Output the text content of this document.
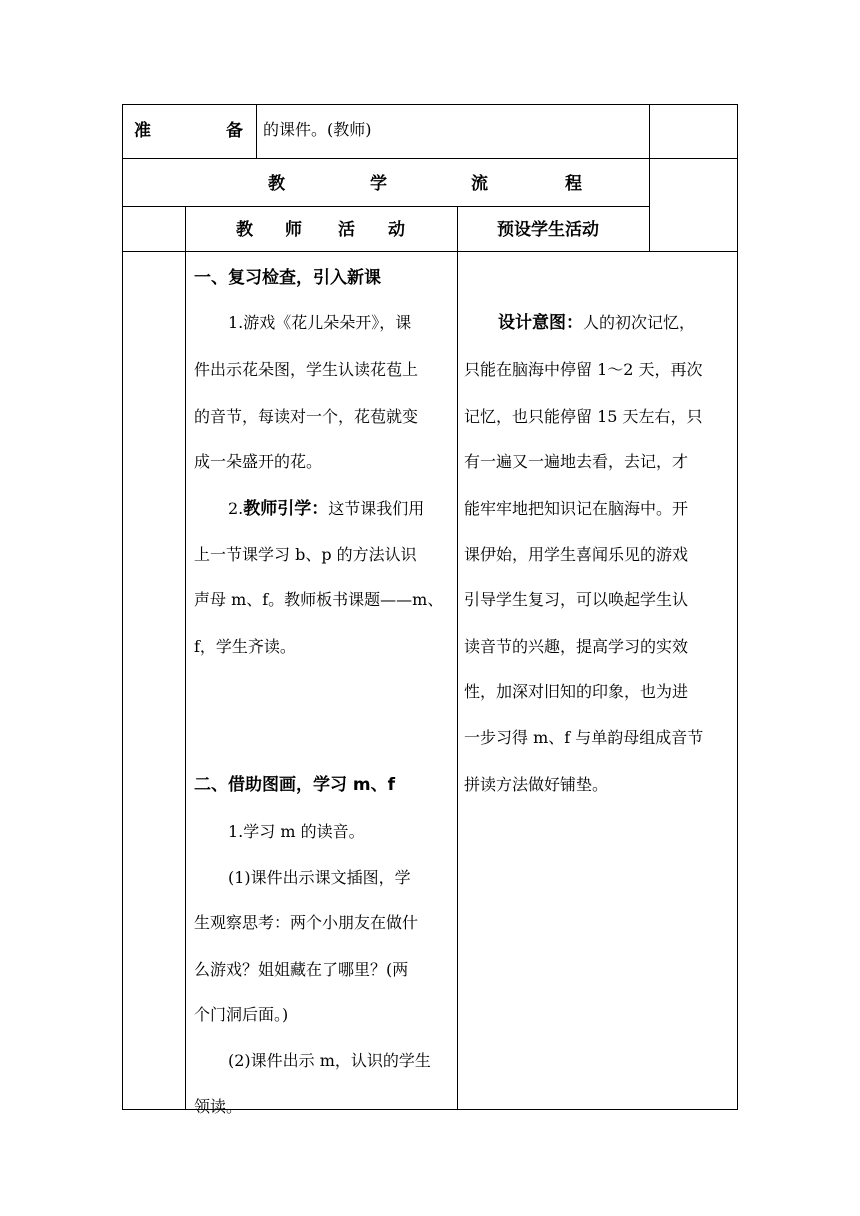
准	备 的课件。(教师)
教	学	流	程
教 师 活 动	预设学生活动
一、复习检查，引入新课
1.游戏《花儿朵朵开》，课
件出示花朵图，学生认读花苞上
的音节，每读对一个，花苞就变
成一朵盛开的花。
2.教师引学：这节课我们用
上一节课学习 b、p 的方法认识
声母 m、f。教师板书课题——m、
f，学生齐读。
二、借助图画，学习 m、f
1.学习 m 的读音。
(1)课件出示课文插图，学
生观察思考：两个小朋友在做什
么游戏？姐姐藏在了哪里？(两
个门洞后面。)
(2)课件出示 m，认识的学生
领读。
设计意图：人的初次记忆，
只能在脑海中停留 1～2 天，再次
记忆，也只能停留 15 天左右，只
有一遍又一遍地去看，去记，才
能牢牢地把知识记在脑海中。开
课伊始，用学生喜闻乐见的游戏
引导学生复习，可以唤起学生认
读音节的兴趣，提高学习的实效
性，加深对旧知的印象，也为进
一步习得 m、f 与单韵母组成音节
拼读方法做好铺垫。
